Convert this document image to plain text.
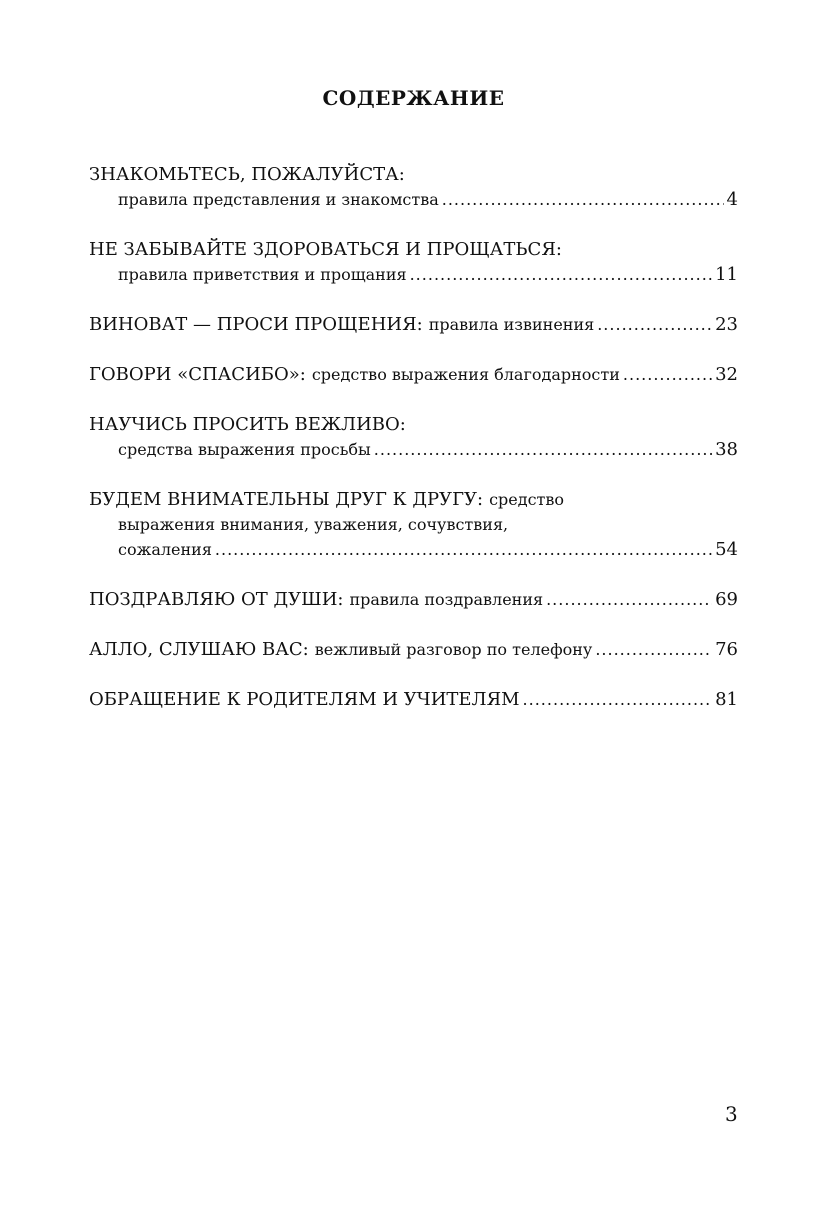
СОДЕРЖАНИЕ
ЗНАКОМЬТЕСЬ, ПОЖАЛУЙСТА:
правила представления и знакомства .....	4
НЕ ЗАБЫВАЙТЕ ЗДОРОВАТЬСЯ И ПРОЩАТЬСЯ:
правила приветствия и прощания .....	11
ВИНОВАТ — ПРОСИ ПРОЩЕНИЯ: правила извинения .....	23
ГОВОРИ «СПАСИБО»: средство выражения благодарности .....	32
НАУЧИСЬ ПРОСИТЬ ВЕЖЛИВО:
средства выражения просьбы .....	38
БУДЕМ ВНИМАТЕЛЬНЫ ДРУГ К ДРУГУ: средство
выражения внимания, уважения, сочувствия,
сожаления .....	54
ПОЗДРАВЛЯЮ ОТ ДУШИ: правила поздравления .....	69
АЛЛО, СЛУШАЮ ВАС: вежливый разговор по телефону .....	76
ОБРАЩЕНИЕ К РОДИТЕЛЯМ И УЧИТЕЛЯМ .....	81
3
